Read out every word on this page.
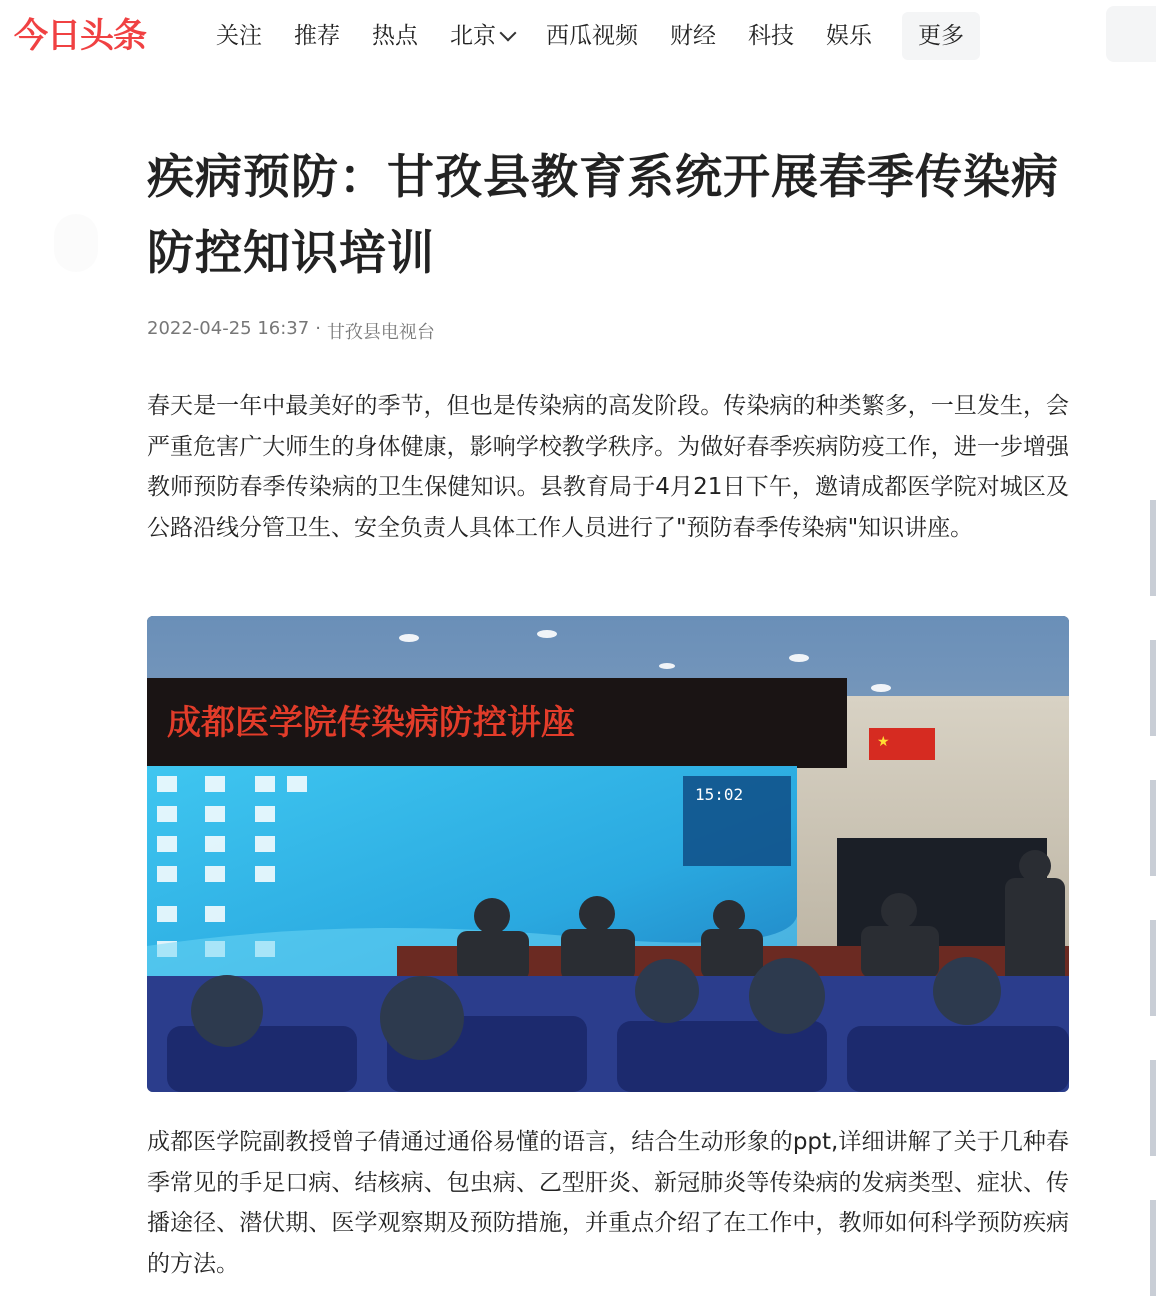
今日头条	关注 推荐 热点 北京 西瓜视频 财经 科技 娱乐	更多
疾病预防：甘孜县教育系统开展春季传染病防控知识培训
2022-04-25 16:37 · 甘孜县电视台

春天是一年中最美好的季节，但也是传染病的高发阶段。传染病的种类繁多，一旦发生，会严重危害广大师生的身体健康，影响学校教学秩序。为做好春季疾病防疫工作，进一步增强教师预防春季传染病的卫生保健知识。县教育局于4月21日下午，邀请成都医学院对城区及公路沿线分管卫生、安全负责人具体工作人员进行了"预防春季传染病"知识讲座。

成都医学院传染病防控讲座	★
15:02

成都医学院副教授曾子倩通过通俗易懂的语言，结合生动形象的ppt,详细讲解了关于几种春季常见的手足口病、结核病、包虫病、乙型肝炎、新冠肺炎等传染病的发病类型、症状、传播途径、潜伏期、医学观察期及预防措施，并重点介绍了在工作中，教师如何科学预防疾病的方法。
